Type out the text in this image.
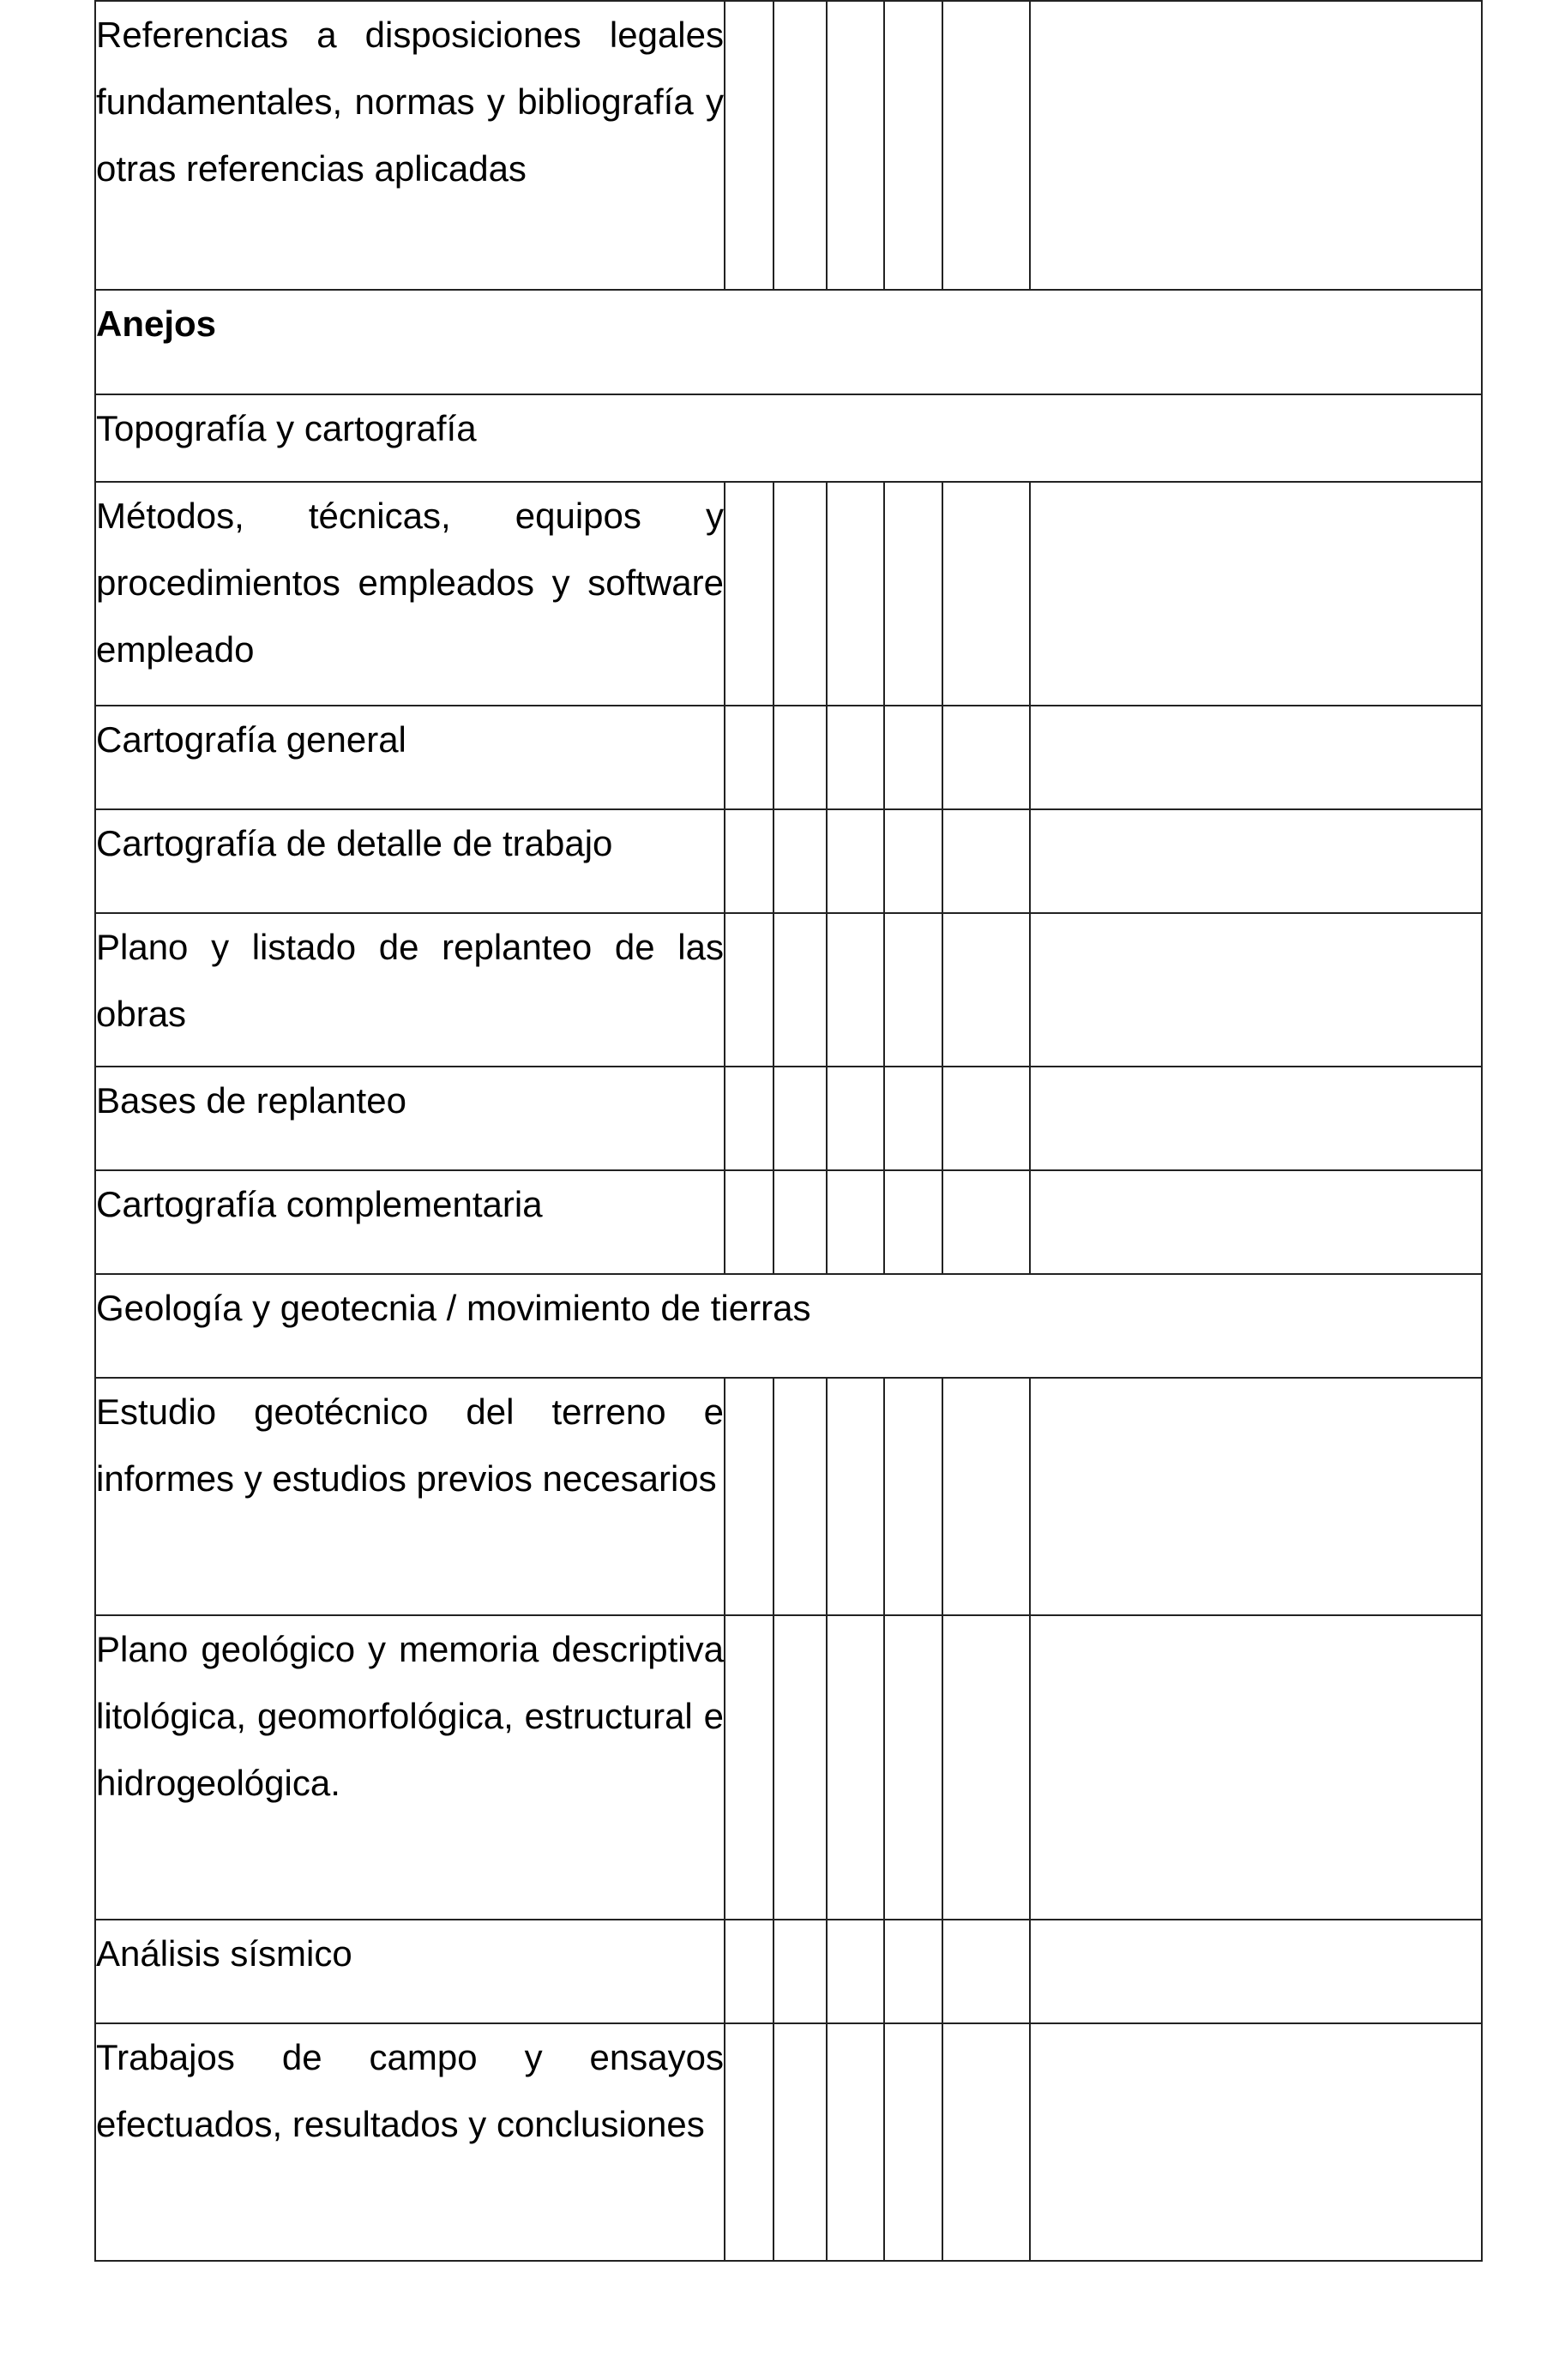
Referencias a disposiciones legales fundamentales, normas y bibliografía y otras referencias aplicadas						
Anejos						
Topografía y cartografía						
Métodos, técnicas, equipos y procedimientos empleados y software empleado						
Cartografía general						
Cartografía de detalle de trabajo						
Plano y listado de replanteo de las obras						
Bases de replanteo						
Cartografía complementaria						
Geología y geotecnia / movimiento de tierras						
Estudio geotécnico del terreno e informes y estudios previos necesarios						
Plano geológico y memoria descriptiva litológica, geomorfológica, estructural e hidrogeológica.						
Análisis sísmico						
Trabajos de campo y ensayos efectuados, resultados y conclusiones						
